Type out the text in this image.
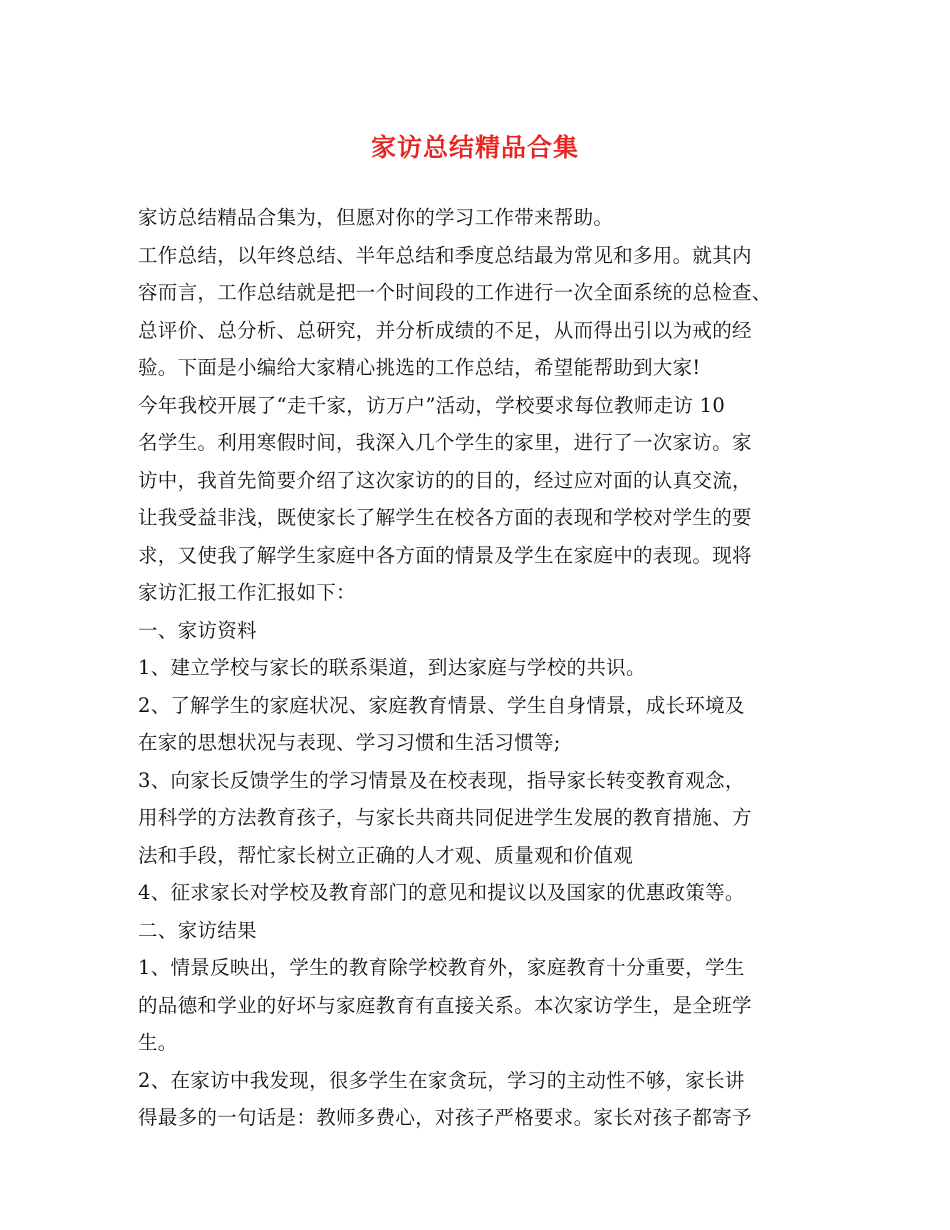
家访总结精品合集
家访总结精品合集为，但愿对你的学习工作带来帮助。
工作总结，以年终总结、半年总结和季度总结最为常见和多用。就其内
容而言，工作总结就是把一个时间段的工作进行一次全面系统的总检查、
总评价、总分析、总研究，并分析成绩的不足，从而得出引以为戒的经
验。下面是小编给大家精心挑选的工作总结，希望能帮助到大家!
今年我校开展了“走千家，访万户”活动，学校要求每位教师走访 10
名学生。利用寒假时间，我深入几个学生的家里，进行了一次家访。家
访中，我首先简要介绍了这次家访的的目的，经过应对面的认真交流，
让我受益非浅，既使家长了解学生在校各方面的表现和学校对学生的要
求，又使我了解学生家庭中各方面的情景及学生在家庭中的表现。现将
家访汇报工作汇报如下：
一、家访资料
1、建立学校与家长的联系渠道，到达家庭与学校的共识。
2、了解学生的家庭状况、家庭教育情景、学生自身情景，成长环境及
在家的思想状况与表现、学习习惯和生活习惯等;
3、向家长反馈学生的学习情景及在校表现，指导家长转变教育观念，
用科学的方法教育孩子，与家长共商共同促进学生发展的教育措施、方
法和手段，帮忙家长树立正确的人才观、质量观和价值观
4、征求家长对学校及教育部门的意见和提议以及国家的优惠政策等。
二、家访结果
1、情景反映出，学生的教育除学校教育外，家庭教育十分重要，学生
的品德和学业的好坏与家庭教育有直接关系。本次家访学生，是全班学
生。
2、在家访中我发现，很多学生在家贪玩，学习的主动性不够，家长讲
得最多的一句话是：教师多费心，对孩子严格要求。家长对孩子都寄予
